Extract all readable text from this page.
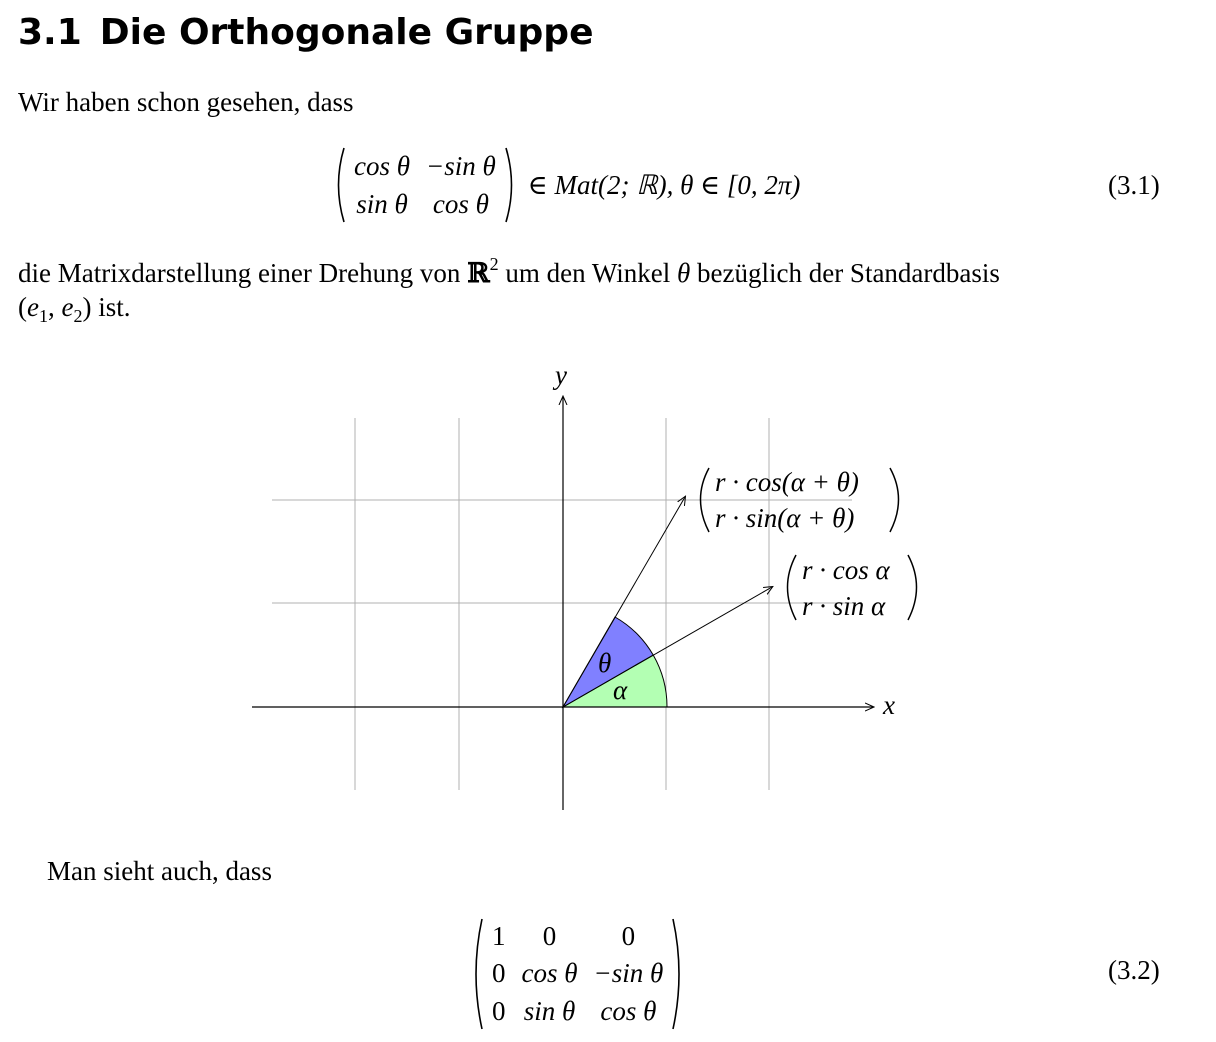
3.1 Die Orthogonale Gruppe
Wir haben schon gesehen, dass
cos θ	−sin θ
sin θ	cos θ
∈ Mat(2; ℝ), θ ∈ [0, 2π)	(3.1)
die Matrixdarstellung einer Drehung von ℝ$^2$ um den Winkel θ bezüglich der Standardbasis
($e_1$, $e_2$) ist.
y
x
θ
α
r · cos(α + θ)
r · sin(α + θ)
r · cos α
r · sin α
Man sieht auch, dass
1	0	0
0	cos θ	−sin θ
0	sin θ	cos θ
(3.2)
